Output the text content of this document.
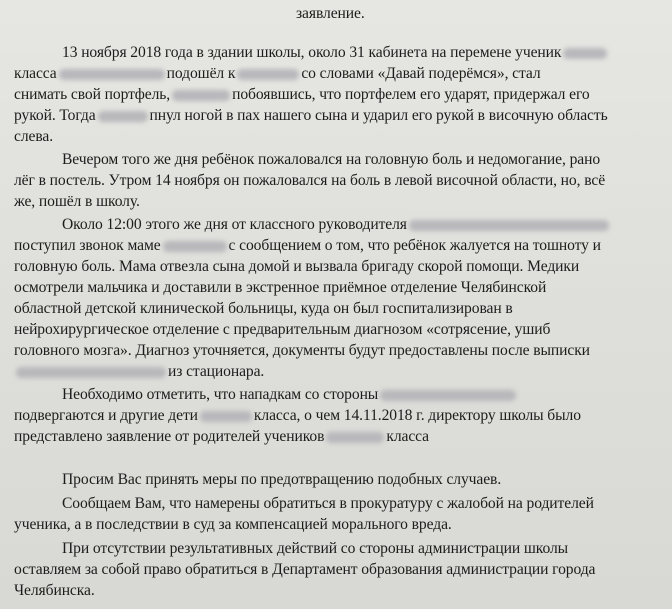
заявление.
13 ноября 2018 года в здании школы, около 31 кабинета на перемене ученик
класса	подошёл к	со словами «Давай подерёмся», стал
снимать свой портфель,	побоявшись, что портфелем его ударят, придержал его
рукой. Тогда	пнул ногой в пах нашего сына и ударил его рукой в височную область
слева.
Вечером того же дня ребёнок пожаловался на головную боль и недомогание, рано
лёг в постель. Утром 14 ноября он пожаловался на боль в левой височной области, но, всё
же, пошёл в школу.
Около 12:00 этого же дня от классного руководителя
поступил звонок маме	с сообщением о том, что ребёнок жалуется на тошноту и
головную боль. Мама отвезла сына домой и вызвала бригаду скорой помощи. Медики
осмотрели мальчика и доставили в экстренное приёмное отделение Челябинской
областной детской клинической больницы, куда он был госпитализирован в
нейрохирургическое отделение с предварительным диагнозом «сотрясение, ушиб
головного мозга». Диагноз уточняется, документы будут предоставлены после выписки
из стационара.
Необходимо отметить, что нападкам со стороны
подвергаются и другие дети	класса, о чем 14.11.2018 г. директору школы было
представлено заявление от родителей учеников	класса
Просим Вас принять меры по предотвращению подобных случаев.
Сообщаем Вам, что намерены обратиться в прокуратуру с жалобой на родителей
ученика, а в последствии в суд за компенсацией морального вреда.
При отсутствии результативных действий со стороны администрации школы
оставляем за собой право обратиться в Департамент образования администрации города
Челябинска.
